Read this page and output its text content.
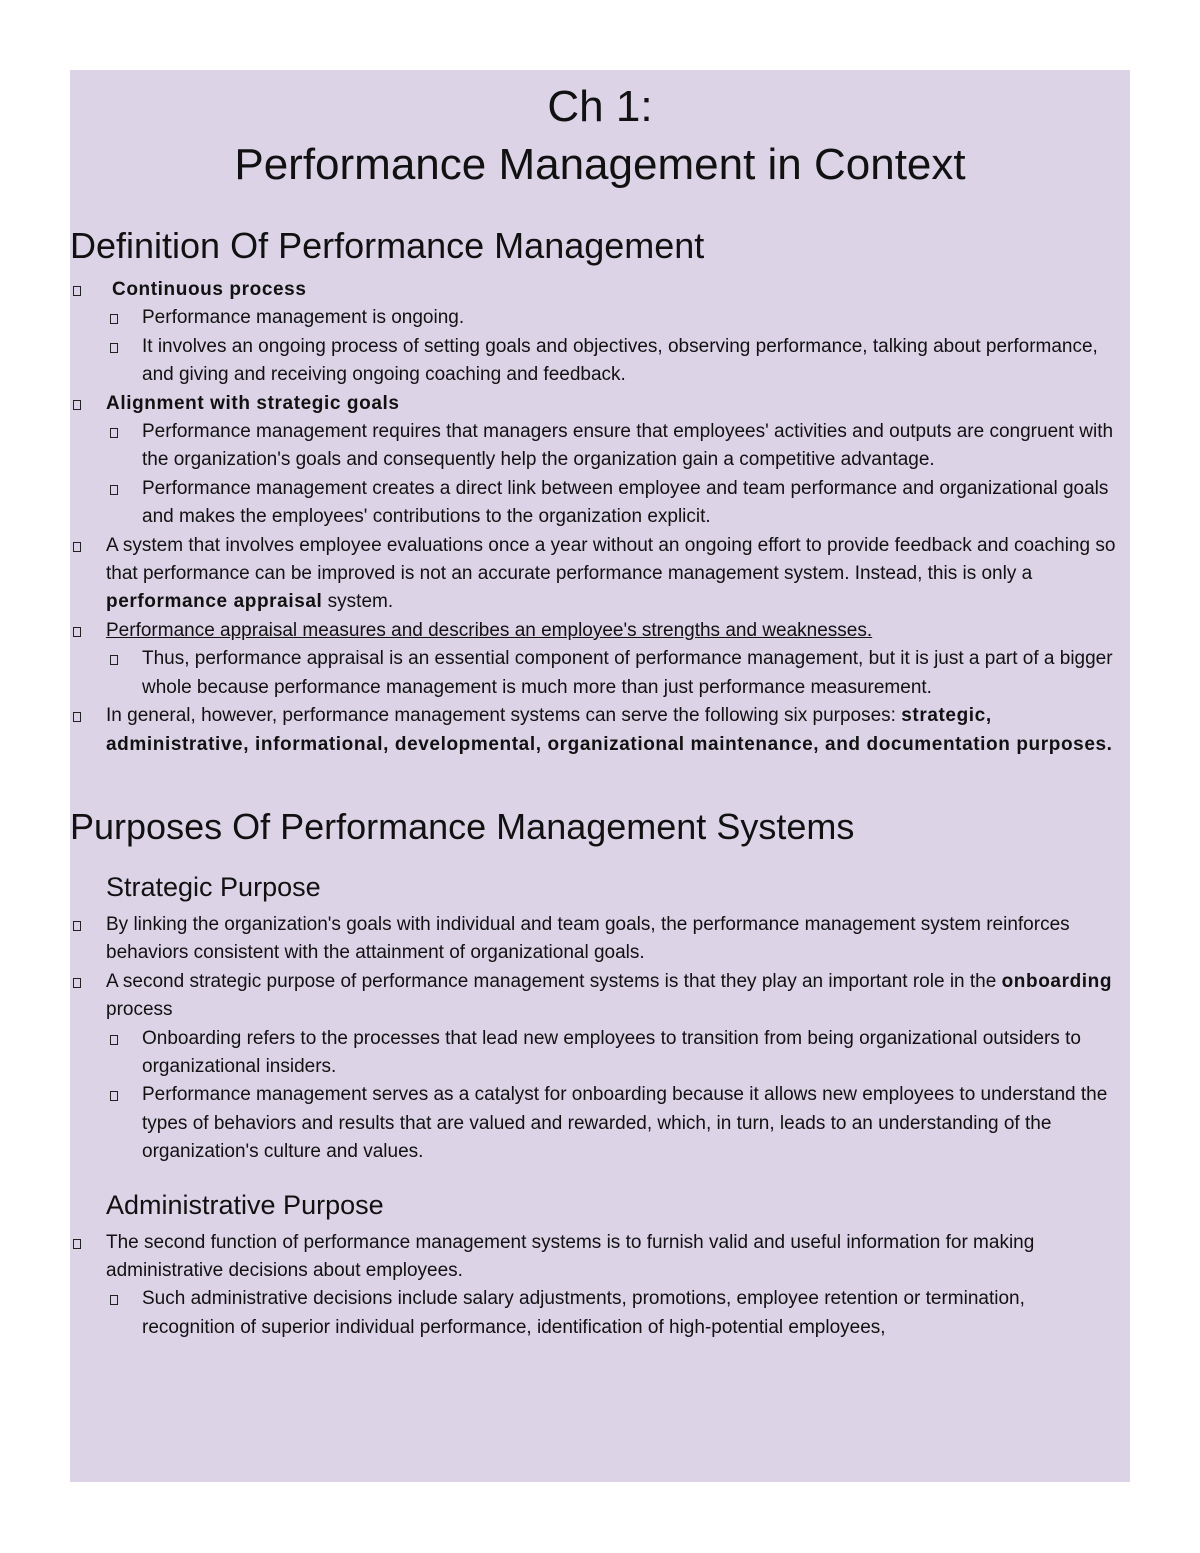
Ch 1:
Performance Management in Context
Definition Of Performance Management
Continuous process
Performance management is ongoing.
It involves an ongoing process of setting goals and objectives, observing performance, talking about performance, and giving and receiving ongoing coaching and feedback.
Alignment with strategic goals
Performance management requires that managers ensure that employees' activities and outputs are congruent with the organization's goals and consequently help the organization gain a competitive advantage.
Performance management creates a direct link between employee and team performance and organizational goals and makes the employees' contributions to the organization explicit.
A system that involves employee evaluations once a year without an ongoing effort to provide feedback and coaching so that performance can be improved is not an accurate performance management system. Instead, this is only a performance appraisal system.
Performance appraisal measures and describes an employee's strengths and weaknesses.
Thus, performance appraisal is an essential component of performance management, but it is just a part of a bigger whole because performance management is much more than just performance measurement.
In general, however, performance management systems can serve the following six purposes: strategic, administrative, informational, developmental, organizational maintenance, and documentation purposes.
Purposes Of Performance Management Systems
Strategic Purpose
By linking the organization's goals with individual and team goals, the performance management system reinforces behaviors consistent with the attainment of organizational goals.
A second strategic purpose of performance management systems is that they play an important role in the onboarding process
Onboarding refers to the processes that lead new employees to transition from being organizational outsiders to organizational insiders.
Performance management serves as a catalyst for onboarding because it allows new employees to understand the types of behaviors and results that are valued and rewarded, which, in turn, leads to an understanding of the organization's culture and values.
Administrative Purpose
The second function of performance management systems is to furnish valid and useful information for making administrative decisions about employees.
Such administrative decisions include salary adjustments, promotions, employee retention or termination, recognition of superior individual performance, identification of high-potential employees,
